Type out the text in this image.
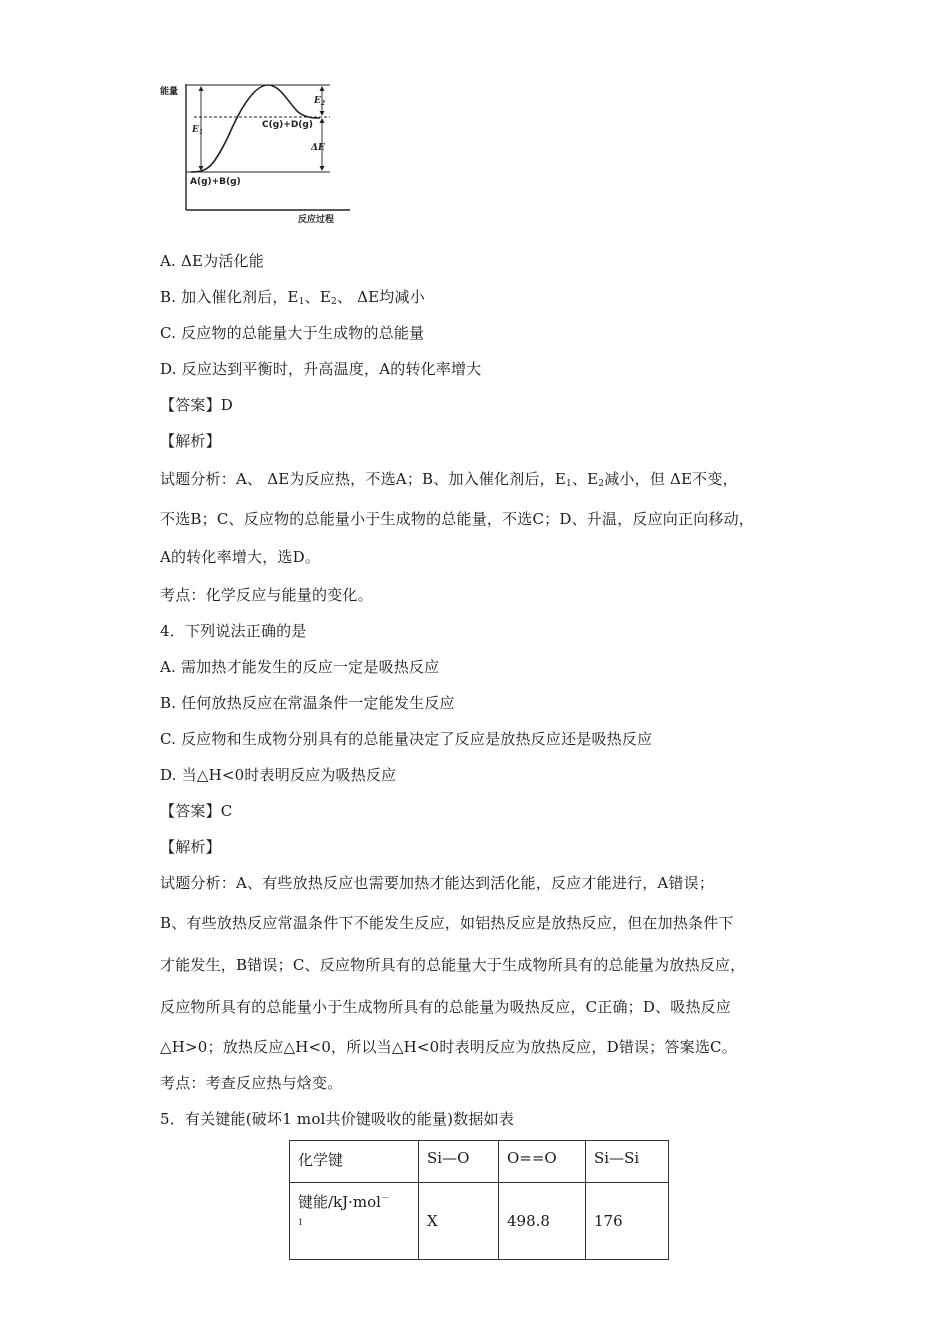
能量
反应过程
A(g)+B(g)
C(g)+D(g)
$E_1$
$E_2$
ΔE
A. ΔE为活化能
B. 加入催化剂后，$E_1$、$E_2$、 ΔE均减小
C. 反应物的总能量大于生成物的总能量
D. 反应达到平衡时，升高温度，A的转化率增大
【答案】D
【解析】
试题分析：A、 ΔE为反应热，不选A；B、加入催化剂后，$E_1$、$E_2$减小，但 ΔE不变，
不选B；C、反应物的总能量小于生成物的总能量，不选C；D、升温，反应向正向移动，
A的转化率增大，选D。
考点：化学反应与能量的变化。
4．下列说法正确的是
A. 需加热才能发生的反应一定是吸热反应
B. 任何放热反应在常温条件一定能发生反应
C. 反应物和生成物分别具有的总能量决定了反应是放热反应还是吸热反应
D. 当△H<0时表明反应为吸热反应
【答案】C
【解析】
试题分析：A、有些放热反应也需要加热才能达到活化能，反应才能进行，A错误；
B、有些放热反应常温条件下不能发生反应，如铝热反应是放热反应，但在加热条件下
才能发生，B错误；C、反应物所具有的总能量大于生成物所具有的总能量为放热反应，
反应物所具有的总能量小于生成物所具有的总能量为吸热反应，C正确；D、吸热反应
△H>0；放热反应△H<0，所以当△H<0时表明反应为放热反应，D错误；答案选C。
考点：考查反应热与焓变。
5．有关键能(破坏1 mol共价键吸收的能量)数据如表
化学键	Si—O	O==O	Si—Si
键能/kJ·mol－
1	X	498.8	176
